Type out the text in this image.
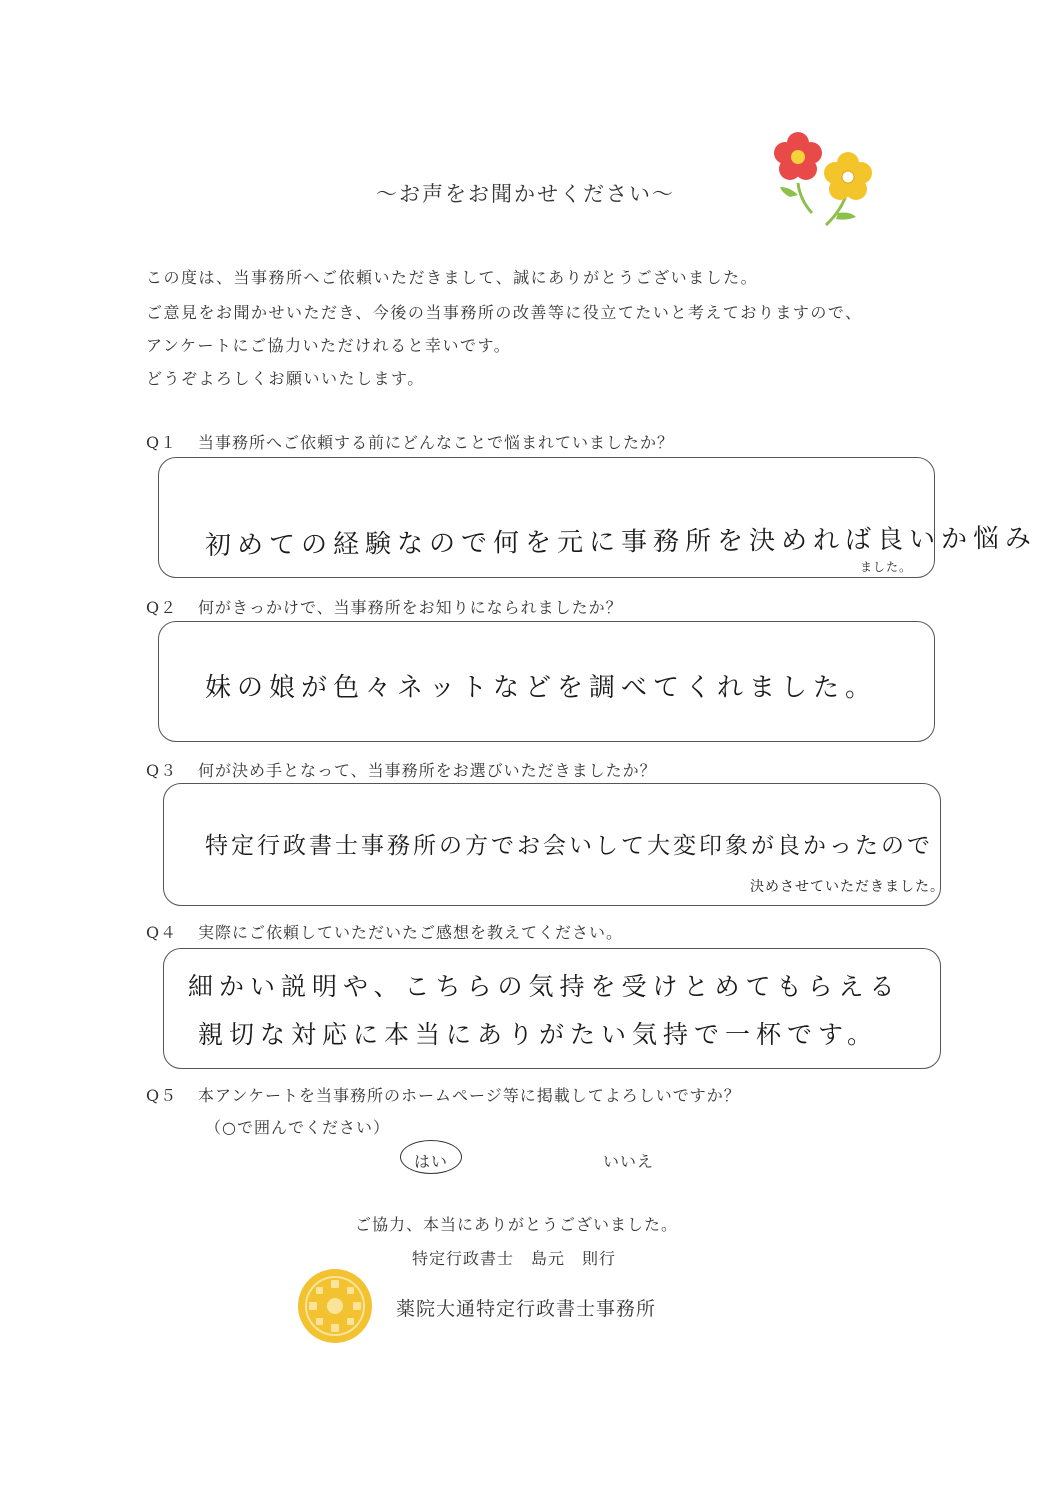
～お声をお聞かせください～
この度は、当事務所へご依頼いただきまして、誠にありがとうございました。
ご意見をお聞かせいただき、今後の当事務所の改善等に役立てたいと考えておりますので、
アンケートにご協力いただけれると幸いです。
どうぞよろしくお願いいたします。
Q１ 当事務所へご依頼する前にどんなことで悩まれていましたか？
初めての経験なので何を元に事務所を決めれば良いか悩み
ました。
Q２ 何がきっかけで、当事務所をお知りになられましたか？
妹の娘が色々ネットなどを調べてくれました。
Q３ 何が決め手となって、当事務所をお選びいただきましたか？
特定行政書士事務所の方でお会いして大変印象が良かったので
決めさせていただきました。
Q４ 実際にご依頼していただいたご感想を教えてください。
細かい説明や、こちらの気持を受けとめてもらえる
親切な対応に本当にありがたい気持で一杯です。
Q５ 本アンケートを当事務所のホームページ等に掲載してよろしいですか？
（○で囲んでください）
はい	いいえ
ご協力、本当にありがとうございました。
特定行政書士　島元　則行
薬院大通特定行政書士事務所
